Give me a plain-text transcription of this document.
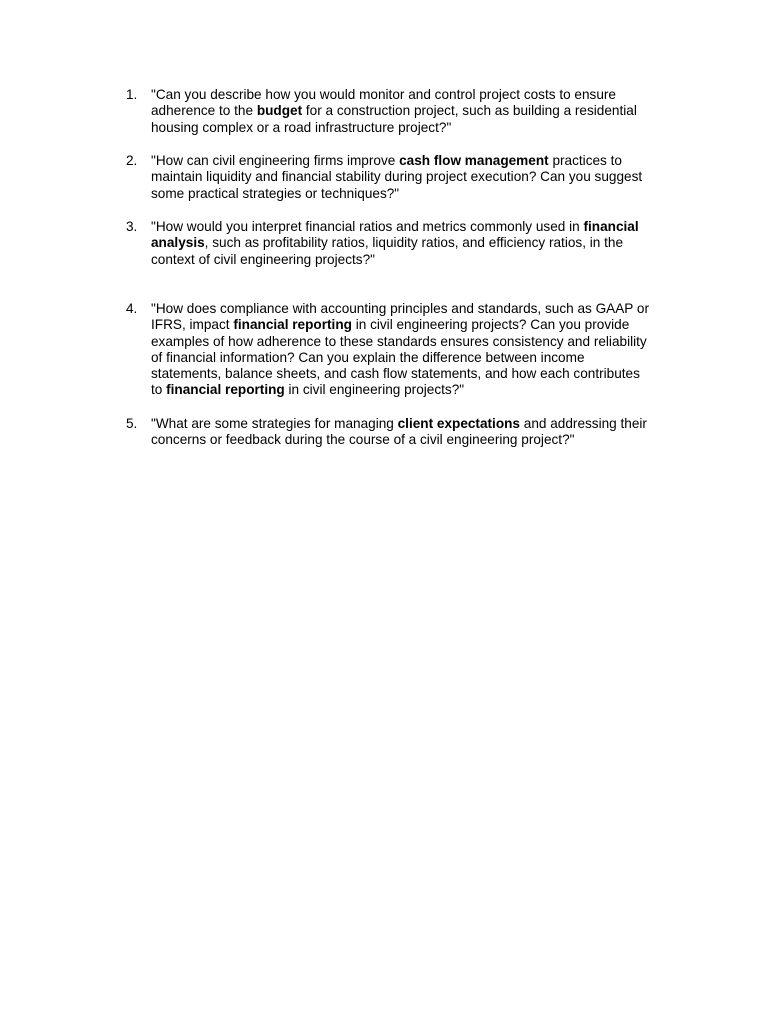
1.	"Can you describe how you would monitor and control project costs to ensure
adherence to the budget for a construction project, such as building a residential
housing complex or a road infrastructure project?"
2.	"How can civil engineering firms improve cash flow management practices to
maintain liquidity and financial stability during project execution? Can you suggest
some practical strategies or techniques?"
3.	"How would you interpret financial ratios and metrics commonly used in financial
analysis, such as profitability ratios, liquidity ratios, and efficiency ratios, in the
context of civil engineering projects?"
4.	"How does compliance with accounting principles and standards, such as GAAP or
IFRS, impact financial reporting in civil engineering projects? Can you provide
examples of how adherence to these standards ensures consistency and reliability
of financial information? Can you explain the difference between income
statements, balance sheets, and cash flow statements, and how each contributes
to financial reporting in civil engineering projects?"
5.	"What are some strategies for managing client expectations and addressing their
concerns or feedback during the course of a civil engineering project?"
